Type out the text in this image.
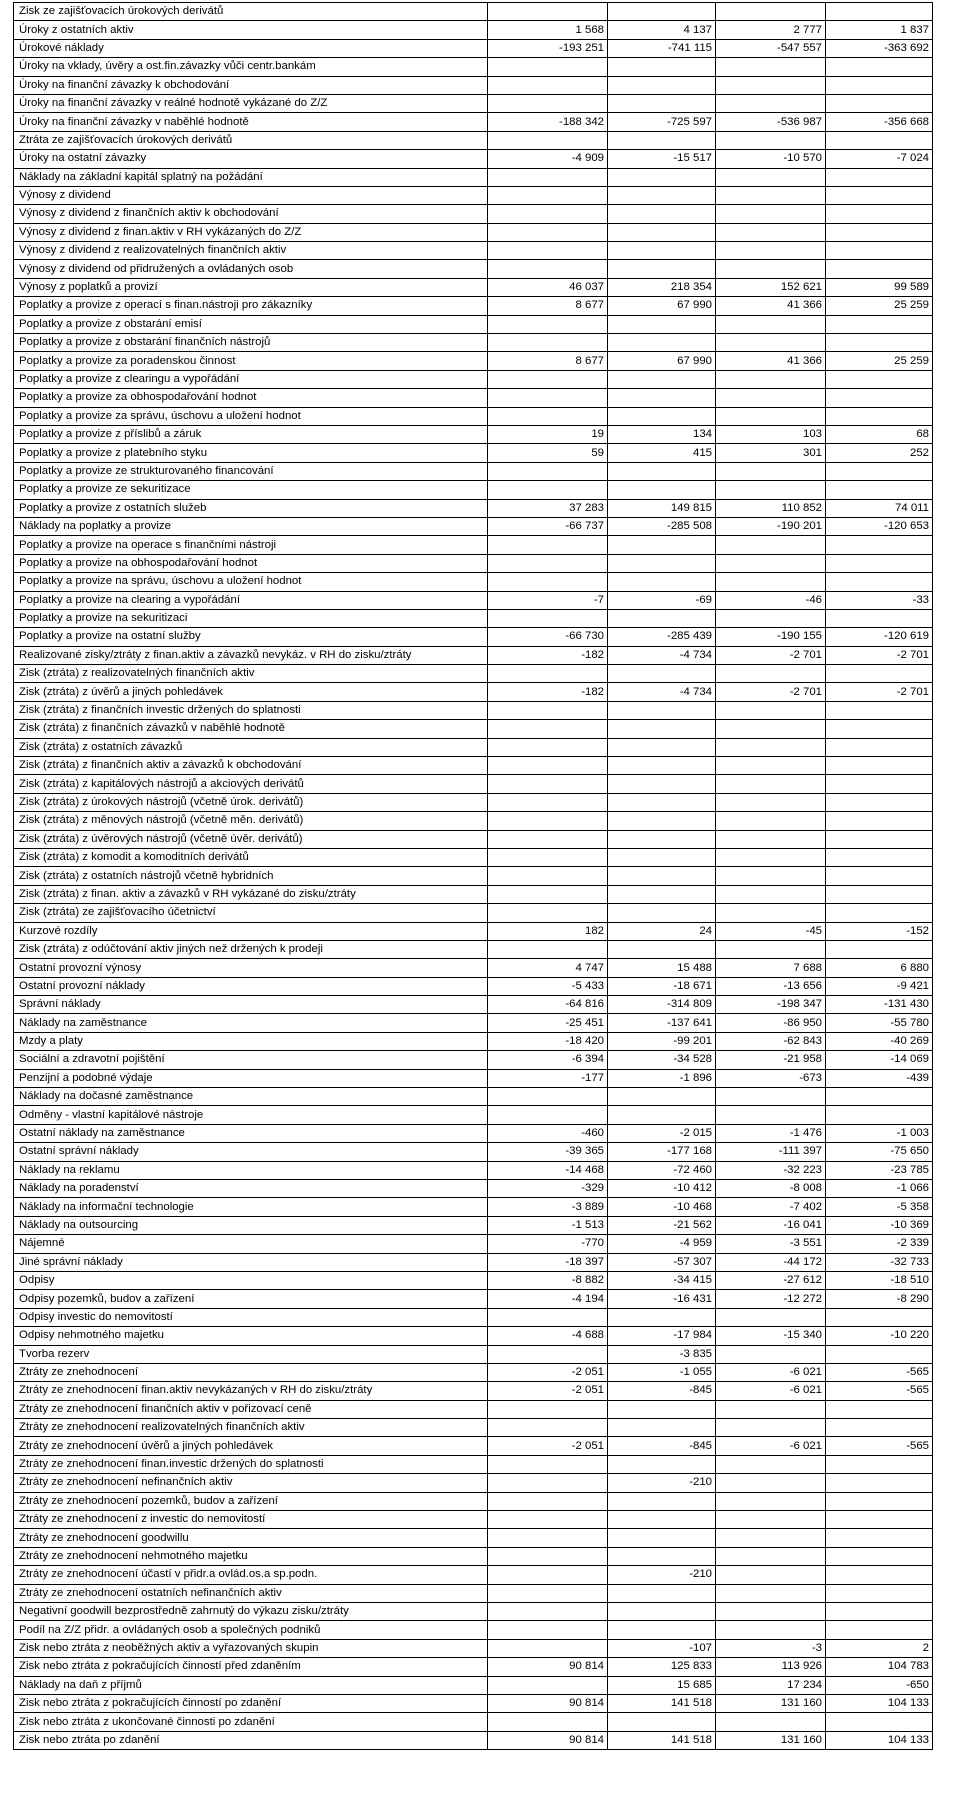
Zisk ze zajišťovacích úrokových derivátů				
Úroky z ostatních aktiv	1 568	4 137	2 777	1 837
Úrokové náklady	-193 251	-741 115	-547 557	-363 692
Úroky na vklady, úvěry a ost.fin.závazky vůči centr.bankám				
Úroky na finanční závazky k obchodování				
Úroky na finanční závazky v reálné hodnotě vykázané do Z/Z				
Úroky na finanční závazky v naběhlé hodnotě	-188 342	-725 597	-536 987	-356 668
Ztráta ze zajišťovacích úrokových derivátů				
Úroky na ostatní závazky	-4 909	-15 517	-10 570	-7 024
Náklady na základní kapitál splatný na požádání				
Výnosy z dividend				
Výnosy z dividend z finančních aktiv k obchodování				
Výnosy z dividend z finan.aktiv v RH vykázaných do Z/Z				
Výnosy z dividend z realizovatelných finančních aktiv				
Výnosy z dividend od přidružených a ovládaných osob				
Výnosy z poplatků a provizí	46 037	218 354	152 621	99 589
Poplatky a provize z operací s finan.nástroji pro zákazníky	8 677	67 990	41 366	25 259
Poplatky a provize z obstarání emisí				
Poplatky a provize z obstarání finančních nástrojů				
Poplatky a provize za poradenskou činnost	8 677	67 990	41 366	25 259
Poplatky a provize z clearingu a vypořádání				
Poplatky a provize za obhospodařování hodnot				
Poplatky a provize za správu, úschovu a uložení hodnot				
Poplatky a provize z příslibů a záruk	19	134	103	68
Poplatky a provize z platebního styku	59	415	301	252
Poplatky a provize ze strukturovaného financování				
Poplatky a provize ze sekuritizace				
Poplatky a provize z ostatních služeb	37 283	149 815	110 852	74 011
Náklady na poplatky a provize	-66 737	-285 508	-190 201	-120 653
Poplatky a provize na operace s finančními nástroji				
Poplatky a provize na obhospodařování hodnot				
Poplatky a provize na správu, úschovu a uložení hodnot				
Poplatky a provize na clearing a vypořádání	-7	-69	-46	-33
Poplatky a provize na sekuritizaci				
Poplatky a provize na ostatní služby	-66 730	-285 439	-190 155	-120 619
Realizované zisky/ztráty z finan.aktiv a závazků nevykáz. v RH do zisku/ztráty	-182	-4 734	-2 701	-2 701
Zisk (ztráta) z realizovatelných finančních aktiv				
Zisk (ztráta) z úvěrů a jiných pohledávek	-182	-4 734	-2 701	-2 701
Zisk (ztráta) z finančních investic držených do splatnosti				
Zisk (ztráta) z finančních závazků v naběhlé hodnotě				
Zisk (ztráta) z ostatních závazků				
Zisk (ztráta) z finančních aktiv a závazků k obchodování				
Zisk (ztráta) z kapitálových nástrojů a akciových derivátů				
Zisk (ztráta) z úrokových nástrojů (včetně úrok. derivátů)				
Zisk (ztráta) z měnových nástrojů (včetně měn. derivátů)				
Zisk (ztráta) z úvěrových nástrojů (včetně úvěr. derivátů)				
Zisk (ztráta) z komodit a komoditních derivátů				
Zisk (ztráta) z ostatních nástrojů včetně hybridních				
Zisk (ztráta) z finan. aktiv a závazků v RH vykázané do zisku/ztráty				
Zisk (ztráta) ze zajišťovacího účetnictví				
Kurzové rozdíly	182	24	-45	-152
Zisk (ztráta) z odúčtování aktiv jiných než držených k prodeji				
Ostatní provozní výnosy	4 747	15 488	7 688	6 880
Ostatní provozní náklady	-5 433	-18 671	-13 656	-9 421
Správní náklady	-64 816	-314 809	-198 347	-131 430
Náklady na zaměstnance	-25 451	-137 641	-86 950	-55 780
Mzdy a platy	-18 420	-99 201	-62 843	-40 269
Sociální a zdravotní pojištění	-6 394	-34 528	-21 958	-14 069
Penzijní a podobné výdaje	-177	-1 896	-673	-439
Náklady na dočasné zaměstnance				
Odměny - vlastní kapitálové nástroje				
Ostatní náklady na zaměstnance	-460	-2 015	-1 476	-1 003
Ostatní správní náklady	-39 365	-177 168	-111 397	-75 650
Náklady na reklamu	-14 468	-72 460	-32 223	-23 785
Náklady na poradenství	-329	-10 412	-8 008	-1 066
Náklady na informační technologie	-3 889	-10 468	-7 402	-5 358
Náklady na outsourcing	-1 513	-21 562	-16 041	-10 369
Nájemné	-770	-4 959	-3 551	-2 339
Jiné správní náklady	-18 397	-57 307	-44 172	-32 733
Odpisy	-8 882	-34 415	-27 612	-18 510
Odpisy pozemků, budov a zařízení	-4 194	-16 431	-12 272	-8 290
Odpisy investic do nemovitostí				
Odpisy nehmotného majetku	-4 688	-17 984	-15 340	-10 220
Tvorba rezerv		-3 835		
Ztráty ze znehodnocení	-2 051	-1 055	-6 021	-565
Ztráty ze znehodnocení finan.aktiv nevykázaných v RH do zisku/ztráty	-2 051	-845	-6 021	-565
Ztráty ze znehodnocení finančních aktiv v pořizovací ceně				
Ztráty ze znehodnocení realizovatelných finančních aktiv				
Ztráty ze znehodnocení úvěrů a jiných pohledávek	-2 051	-845	-6 021	-565
Ztráty ze znehodnocení finan.investic držených do splatnosti				
Ztráty ze znehodnocení nefinančních aktiv		-210		
Ztráty ze znehodnocení pozemků, budov a zařízení				
Ztráty ze znehodnocení z investic do nemovitostí				
Ztráty ze znehodnocení goodwillu				
Ztráty ze znehodnocení nehmotného majetku				
Ztráty ze znehodnocení účastí v přidr.a ovlád.os.a sp.podn.		-210		
Ztráty ze znehodnocení ostatních nefinančních aktiv				
Negativní goodwill bezprostředně zahrnutý do výkazu zisku/ztráty				
Podíl na Z/Z přidr. a ovládaných osob a společných podniků				
Zisk nebo ztráta z neoběžných aktiv a vyřazovaných skupin		-107	-3	2
Zisk nebo ztráta z pokračujících činností před zdaněním	90 814	125 833	113 926	104 783
Náklady na daň z příjmů		15 685	17 234	-650
Zisk nebo ztráta z pokračujících činností po zdanění	90 814	141 518	131 160	104 133
Zisk nebo ztráta z ukončované činnosti po zdanění				
Zisk nebo ztráta po zdanění	90 814	141 518	131 160	104 133
